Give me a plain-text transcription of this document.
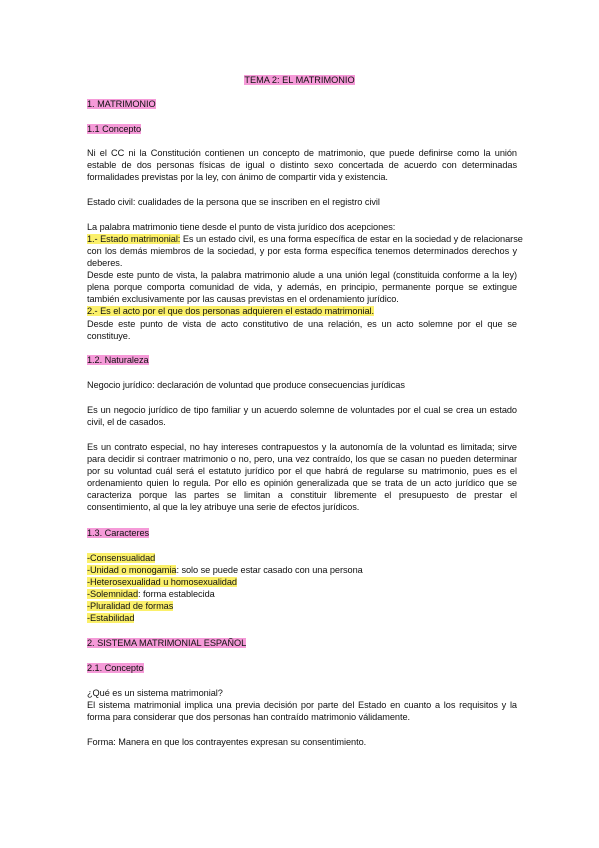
TEMA 2: EL MATRIMONIO
1. MATRIMONIO
1.1 Concepto
Ni el CC ni la Constitución contienen un concepto de matrimonio, que puede definirse como la unión
estable de dos personas físicas de igual o distinto sexo concertada de acuerdo con determinadas
formalidades previstas por la ley, con ánimo de compartir vida y existencia.
Estado civil: cualidades de la persona que se inscriben en el registro civil
La palabra matrimonio tiene desde el punto de vista jurídico dos acepciones:
1.- Estado matrimonial: Es un estado civil, es una forma específica de estar en la sociedad y de relacionarse
con los demás miembros de la sociedad, y por esta forma específica tenemos determinados derechos y
deberes.
Desde este punto de vista, la palabra matrimonio alude a una unión legal (constituida conforme a la ley)
plena porque comporta comunidad de vida, y además, en principio, permanente porque se extingue
también exclusivamente por las causas previstas en el ordenamiento jurídico.
2.- Es el acto por el que dos personas adquieren el estado matrimonial.
Desde este punto de vista de acto constitutivo de una relación, es un acto solemne por el que se
constituye.
1.2. Naturaleza
Negocio jurídico: declaración de voluntad que produce consecuencias jurídicas
Es un negocio jurídico de tipo familiar y un acuerdo solemne de voluntades por el cual se crea un estado
civil, el de casados.
Es un contrato especial, no hay intereses contrapuestos y la autonomía de la voluntad es limitada; sirve
para decidir si contraer matrimonio o no, pero, una vez contraído, los que se casan no pueden determinar
por su voluntad cuál será el estatuto jurídico por el que habrá de regularse su matrimonio, pues es el
ordenamiento quien lo regula. Por ello es opinión generalizada que se trata de un acto jurídico que se
caracteriza porque las partes se limitan a constituir libremente el presupuesto de prestar el
consentimiento, al que la ley atribuye una serie de efectos jurídicos.
1.3. Caracteres
-Consensualidad
-Unidad o monogamia: solo se puede estar casado con una persona
-Heterosexualidad u homosexualidad
-Solemnidad: forma establecida
-Pluralidad de formas
-Estabilidad
2. SISTEMA MATRIMONIAL ESPAÑOL
2.1. Concepto
¿Qué es un sistema matrimonial?
El sistema matrimonial implica una previa decisión por parte del Estado en cuanto a los requisitos y la
forma para considerar que dos personas han contraído matrimonio válidamente.
Forma: Manera en que los contrayentes expresan su consentimiento.
